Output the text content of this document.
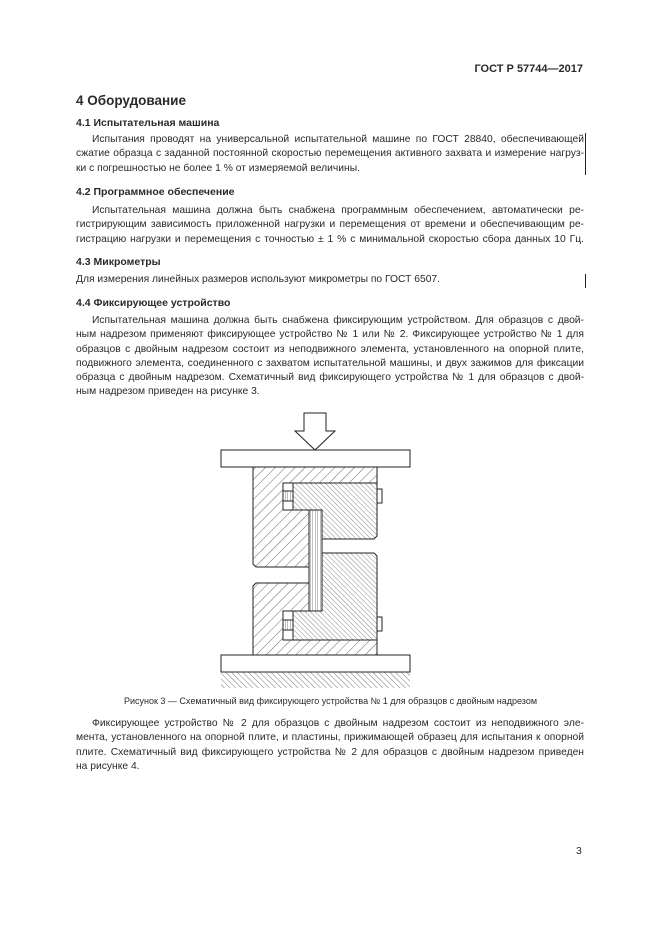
ГОСТ Р 57744—2017
4 Оборудование
4.1 Испытательная машина
Испытания проводят на универсальной испытательной машине по ГОСТ 28840, обеспечивающей
сжатие образца с заданной постоянной скоростью перемещения активного захвата и измерение нагруз-
ки с погрешностью не более 1 % от измеряемой величины.
4.2 Программное обеспечение
Испытательная машина должна быть снабжена программным обеспечением, автоматически ре-
гистрирующим зависимость приложенной нагрузки и перемещения от времени и обеспечивающим ре-
гистрацию нагрузки и перемещения с точностью ± 1 % с минимальной скоростью сбора данных 10 Гц.
4.3 Микрометры
Для измерения линейных размеров используют микрометры по ГОСТ 6507.
4.4 Фиксирующее устройство
Испытательная машина должна быть снабжена фиксирующим устройством. Для образцов с двой-
ным надрезом применяют фиксирующее устройство № 1 или № 2. Фиксирующее устройство № 1 для
образцов с двойным надрезом состоит из неподвижного элемента, установленного на опорной плите,
подвижного элемента, соединенного с захватом испытательной машины, и двух зажимов для фиксации
образца с двойным надрезом. Схематичный вид фиксирующего устройства № 1 для образцов с двой-
ным надрезом приведен на рисунке 3.
Рисунок 3 — Схематичный вид фиксирующего устройства № 1 для образцов с двойным надрезом
Фиксирующее устройство № 2 для образцов с двойным надрезом состоит из неподвижного эле-
мента, установленного на опорной плите, и пластины, прижимающей образец для испытания к опорной
плите. Схематичный вид фиксирующего устройства № 2 для образцов с двойным надрезом приведен
на рисунке 4.
3
